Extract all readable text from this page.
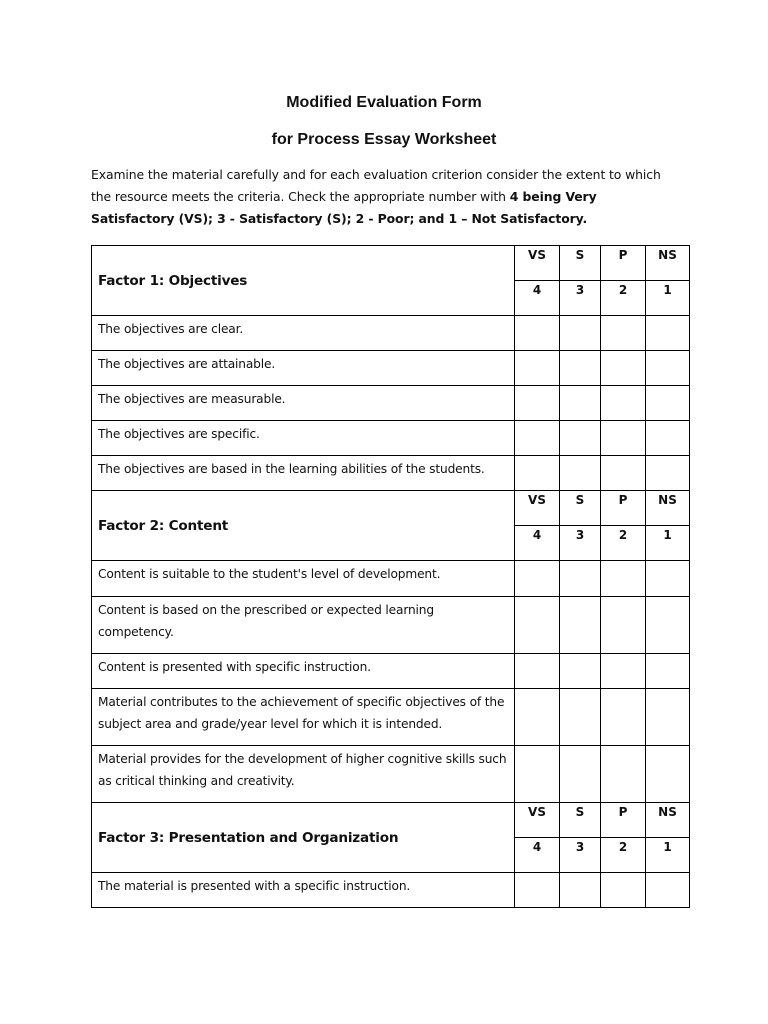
Modified Evaluation Form
for Process Essay Worksheet
Examine the material carefully and for each evaluation criterion consider the extent to which the resource meets the criteria. Check the appropriate number with 4 being Very Satisfactory (VS); 3 - Satisfactory (S); 2 - Poor; and 1 – Not Satisfactory.
Factor 1: Objectives	VS	S	P	NS
	4	3	2	1
The objectives are clear.				
The objectives are attainable.				
The objectives are measurable.				
The objectives are specific.				
The objectives are based in the learning abilities of the students.				
Factor 2: Content	VS	S	P	NS
	4	3	2	1
Content is suitable to the student's level of development.				
Content is based on the prescribed or expected learning competency.				
Content is presented with specific instruction.				
Material contributes to the achievement of specific objectives of the subject area and grade/year level for which it is intended.				
Material provides for the development of higher cognitive skills such as critical thinking and creativity.				
Factor 3: Presentation and Organization	VS	S	P	NS
	4	3	2	1
The material is presented with a specific instruction.				
